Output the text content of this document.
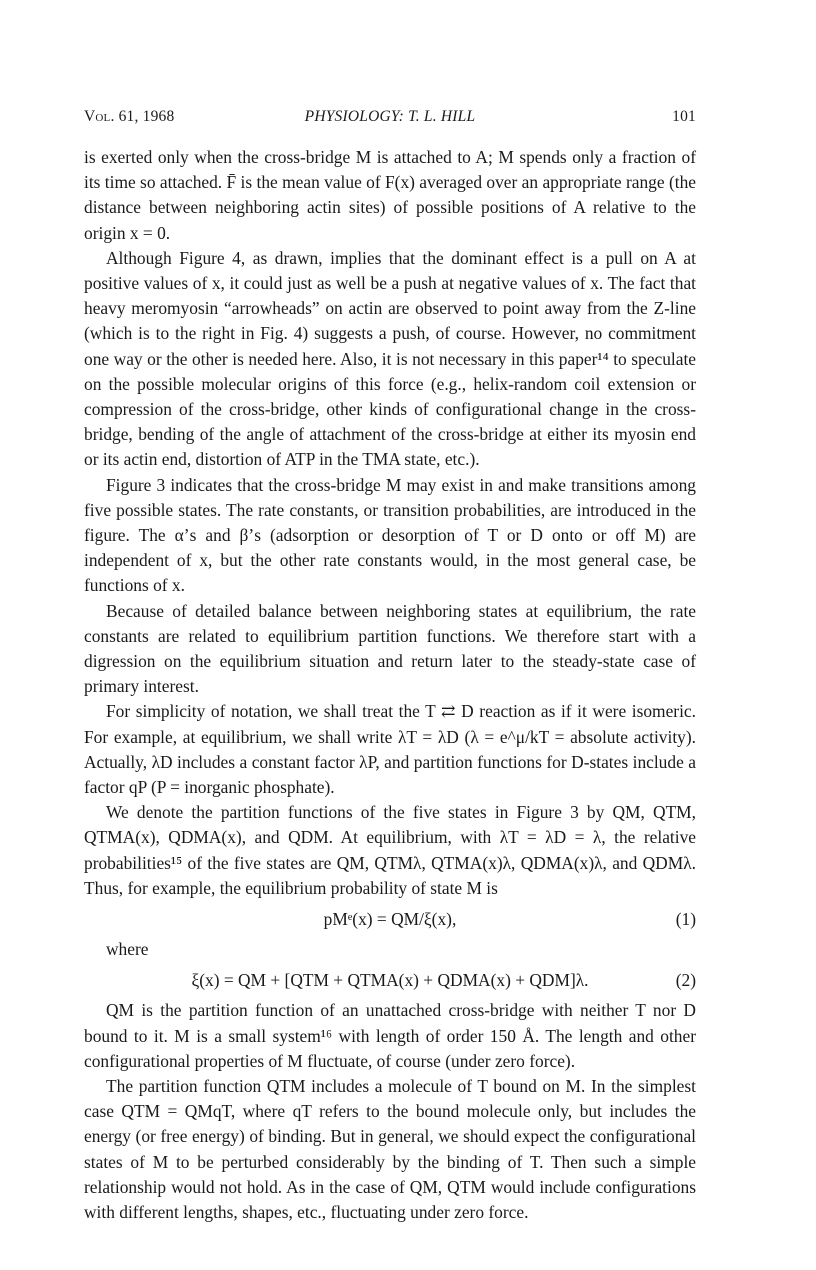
Vol. 61, 1968	PHYSIOLOGY: T. L. HILL	101

is exerted only when the cross-bridge M is attached to A; M spends only a fraction of its time so attached. F̄ is the mean value of F(x) averaged over an appropriate range (the distance between neighboring actin sites) of possible positions of A relative to the origin x = 0.

Although Figure 4, as drawn, implies that the dominant effect is a pull on A at positive values of x, it could just as well be a push at negative values of x. The fact that heavy meromyosin “arrowheads” on actin are observed to point away from the Z-line (which is to the right in Fig. 4) suggests a push, of course. However, no commitment one way or the other is needed here. Also, it is not necessary in this paper¹⁴ to speculate on the possible molecular origins of this force (e.g., helix-random coil extension or compression of the cross-bridge, other kinds of configurational change in the cross-bridge, bending of the angle of attachment of the cross-bridge at either its myosin end or its actin end, distortion of ATP in the TMA state, etc.).

Figure 3 indicates that the cross-bridge M may exist in and make transitions among five possible states. The rate constants, or transition probabilities, are introduced in the figure. The α’s and β’s (adsorption or desorption of T or D onto or off M) are independent of x, but the other rate constants would, in the most general case, be functions of x.

Because of detailed balance between neighboring states at equilibrium, the rate constants are related to equilibrium partition functions. We therefore start with a digression on the equilibrium situation and return later to the steady-state case of primary interest.

For simplicity of notation, we shall treat the T ⇄ D reaction as if it were isomeric. For example, at equilibrium, we shall write λT = λD (λ = e^μ/kT = absolute activity). Actually, λD includes a constant factor λP, and partition functions for D-states include a factor qP (P = inorganic phosphate).

We denote the partition functions of the five states in Figure 3 by QM, QTM, QTMA(x), QDMA(x), and QDM. At equilibrium, with λT = λD = λ, the relative probabilities¹⁵ of the five states are QM, QTMλ, QTMA(x)λ, QDMA(x)λ, and QDMλ. Thus, for example, the equilibrium probability of state M is

pMᵉ(x) = QM/ξ(x),	(1)

where

ξ(x) = QM + [QTM + QTMA(x) + QDMA(x) + QDM]λ.	(2)

QM is the partition function of an unattached cross-bridge with neither T nor D bound to it. M is a small system¹⁶ with length of order 150 Å. The length and other configurational properties of M fluctuate, of course (under zero force).

The partition function QTM includes a molecule of T bound on M. In the simplest case QTM = QMqT, where qT refers to the bound molecule only, but includes the energy (or free energy) of binding. But in general, we should expect the configurational states of M to be perturbed considerably by the binding of T. Then such a simple relationship would not hold. As in the case of QM, QTM would include configurations with different lengths, shapes, etc., fluctuating under zero force.
